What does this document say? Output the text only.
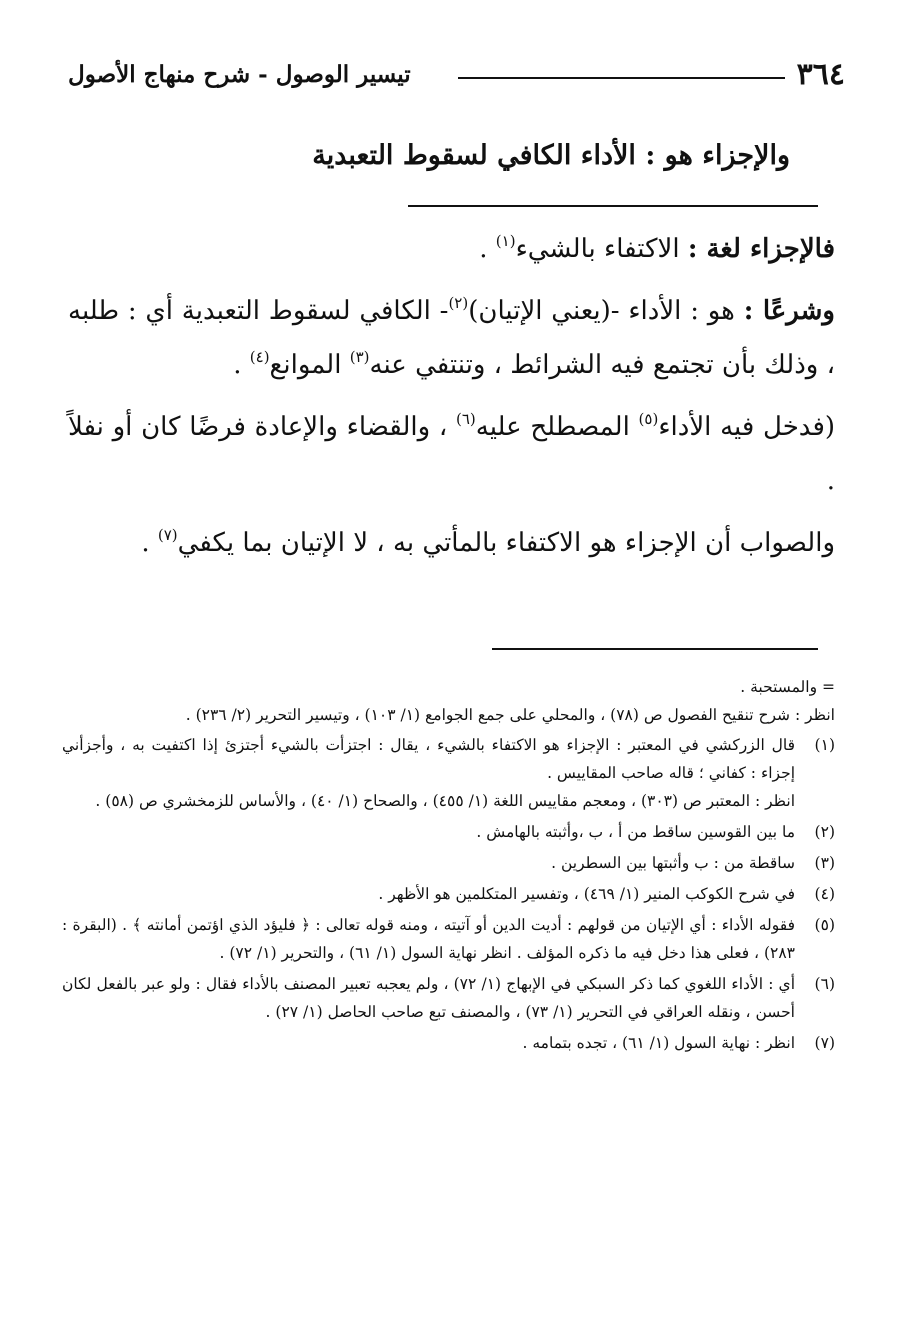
٣٦٤
تيسير الوصول - شرح منهاج الأصول
والإجزاء هو : الأداء الكافي لسقوط التعبدية

فالإجزاء لغة : الاكتفاء بالشيء$^{(١)}$ .

وشرعًا : هو : الأداء -(يعني الإتيان)$^{(٢)}$- الكافي لسقوط التعبدية أي : طلبه ، وذلك بأن تجتمع فيه الشرائط ، وتنتفي عنه$^{(٣)}$ الموانع$^{(٤)}$ .

(فدخل فيه الأداء$^{(٥)}$ المصطلح عليه$^{(٦)}$ ، والقضاء والإعادة فرضًا كان أو نفلاً .

والصواب أن الإجزاء هو الاكتفاء بالمأتي به ، لا الإتيان بما يكفي$^{(٧)}$ .

= والمستحبة .

انظر : شرح تنقيح الفصول ص (٧٨) ، والمحلي على جمع الجوامع (١/ ١٠٣) ، وتيسير التحرير (٢/ ٢٣٦) .

(١)

قال الزركشي في المعتبر : الإجزاء هو الاكتفاء بالشيء ، يقال : اجتزأت بالشيء أجتزئ إذا اكتفيت به ، وأجزأني إجزاء : كفاني ؛ قاله صاحب المقاييس .

انظر : المعتبر ص (٣٠٣) ، ومعجم مقاييس اللغة (١/ ٤٥٥) ، والصحاح (١/ ٤٠) ، والأساس للزمخشري ص (٥٨) .

(٢)

ما بين القوسين ساقط من أ ، ب ،وأثبته بالهامش .

(٣)

ساقطة من : ب وأثبتها بين السطرين .

(٤)

في شرح الكوكب المنير (١/ ٤٦٩) ، وتفسير المتكلمين هو الأظهر .

(٥)

فقوله الأداء : أي الإتيان من قولهم : أديت الدين أو آتيته ، ومنه قوله تعالى : ﴿ فليؤد الذي اؤتمن أمانته ﴾ . (البقرة : ٢٨٣) ، فعلى هذا دخل فيه ما ذكره المؤلف . انظر نهاية السول (١/ ٦١) ، والتحرير (١/ ٧٢) .

(٦)

أي : الأداء اللغوي كما ذكر السبكي في الإبهاج (١/ ٧٢) ، ولم يعجبه تعبير المصنف بالأداء فقال : ولو عبر بالفعل لكان أحسن ، ونقله العراقي في التحرير (١/ ٧٣) ، والمصنف تبع صاحب الحاصل (١/ ٢٧) .

(٧)

انظر : نهاية السول (١/ ٦١) ، تجده بتمامه .
